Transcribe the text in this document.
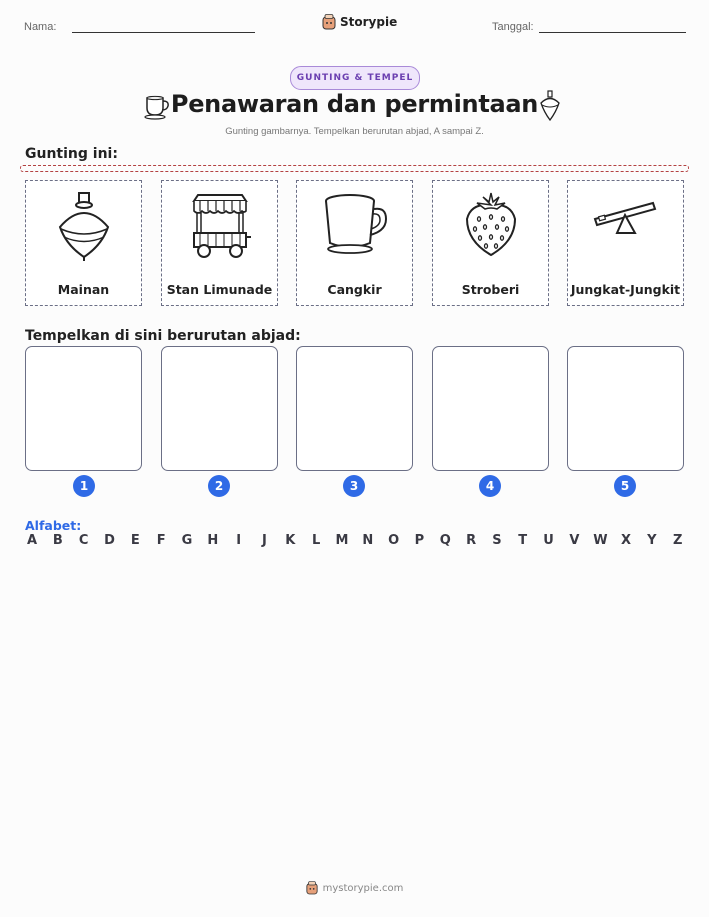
Nama:	Storypie	Tanggal:
GUNTING & TEMPEL
Penawaran dan permintaan
Gunting gambarnya. Tempelkan berurutan abjad, A sampai Z.
Gunting ini:
Mainan	Stan Limunade	Cangkir	Stroberi	Jungkat-Jungkit
Tempelkan di sini berurutan abjad:
1	2	3	4	5
Alfabet:
A B C D E F G H	I	J	K L M N O P Q R S T U V W X Y Z
mystorypie.com
